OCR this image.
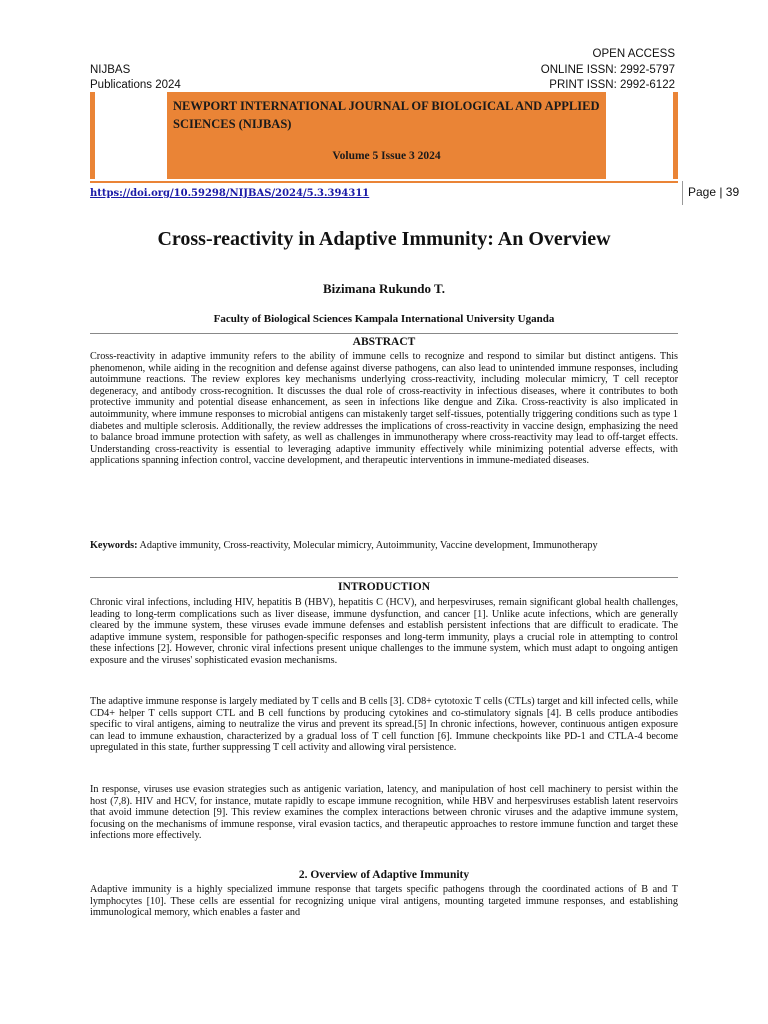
NIJBAS
Publications 2024
OPEN ACCESS
ONLINE ISSN: 2992-5797
PRINT ISSN: 2992-6122
NEWPORT INTERNATIONAL JOURNAL OF BIOLOGICAL AND APPLIED SCIENCES (NIJBAS)
Volume 5 Issue 3 2024
https://doi.org/10.59298/NIJBAS/2024/5.3.394311	Page | 39
Cross-reactivity in Adaptive Immunity: An Overview
Bizimana Rukundo T.
Faculty of Biological Sciences Kampala International University Uganda
ABSTRACT
Cross-reactivity in adaptive immunity refers to the ability of immune cells to recognize and respond to similar but distinct antigens. This phenomenon, while aiding in the recognition and defense against diverse pathogens, can also lead to unintended immune responses, including autoimmune reactions. The review explores key mechanisms underlying cross-reactivity, including molecular mimicry, T cell receptor degeneracy, and antibody cross-recognition. It discusses the dual role of cross-reactivity in infectious diseases, where it contributes to both protective immunity and potential disease enhancement, as seen in infections like dengue and Zika. Cross-reactivity is also implicated in autoimmunity, where immune responses to microbial antigens can mistakenly target self-tissues, potentially triggering conditions such as type 1 diabetes and multiple sclerosis. Additionally, the review addresses the implications of cross-reactivity in vaccine design, emphasizing the need to balance broad immune protection with safety, as well as challenges in immunotherapy where cross-reactivity may lead to off-target effects. Understanding cross-reactivity is essential to leveraging adaptive immunity effectively while minimizing potential adverse effects, with applications spanning infection control, vaccine development, and therapeutic interventions in immune-mediated diseases.
Keywords: Adaptive immunity, Cross-reactivity, Molecular mimicry, Autoimmunity, Vaccine development, Immunotherapy
INTRODUCTION
Chronic viral infections, including HIV, hepatitis B (HBV), hepatitis C (HCV), and herpesviruses, remain significant global health challenges, leading to long-term complications such as liver disease, immune dysfunction, and cancer [1]. Unlike acute infections, which are generally cleared by the immune system, these viruses evade immune defenses and establish persistent infections that are difficult to eradicate. The adaptive immune system, responsible for pathogen-specific responses and long-term immunity, plays a crucial role in attempting to control these infections [2]. However, chronic viral infections present unique challenges to the immune system, which must adapt to ongoing antigen exposure and the viruses' sophisticated evasion mechanisms.
The adaptive immune response is largely mediated by T cells and B cells [3]. CD8+ cytotoxic T cells (CTLs) target and kill infected cells, while CD4+ helper T cells support CTL and B cell functions by producing cytokines and co-stimulatory signals [4]. B cells produce antibodies specific to viral antigens, aiming to neutralize the virus and prevent its spread.[5] In chronic infections, however, continuous antigen exposure can lead to immune exhaustion, characterized by a gradual loss of T cell function [6]. Immune checkpoints like PD-1 and CTLA-4 become upregulated in this state, further suppressing T cell activity and allowing viral persistence.
In response, viruses use evasion strategies such as antigenic variation, latency, and manipulation of host cell machinery to persist within the host (7,8). HIV and HCV, for instance, mutate rapidly to escape immune recognition, while HBV and herpesviruses establish latent reservoirs that avoid immune detection [9]. This review examines the complex interactions between chronic viruses and the adaptive immune system, focusing on the mechanisms of immune response, viral evasion tactics, and therapeutic approaches to restore immune function and target these infections more effectively.
2. Overview of Adaptive Immunity
Adaptive immunity is a highly specialized immune response that targets specific pathogens through the coordinated actions of B and T lymphocytes [10]. These cells are essential for recognizing unique viral antigens, mounting targeted immune responses, and establishing immunological memory, which enables a faster and
